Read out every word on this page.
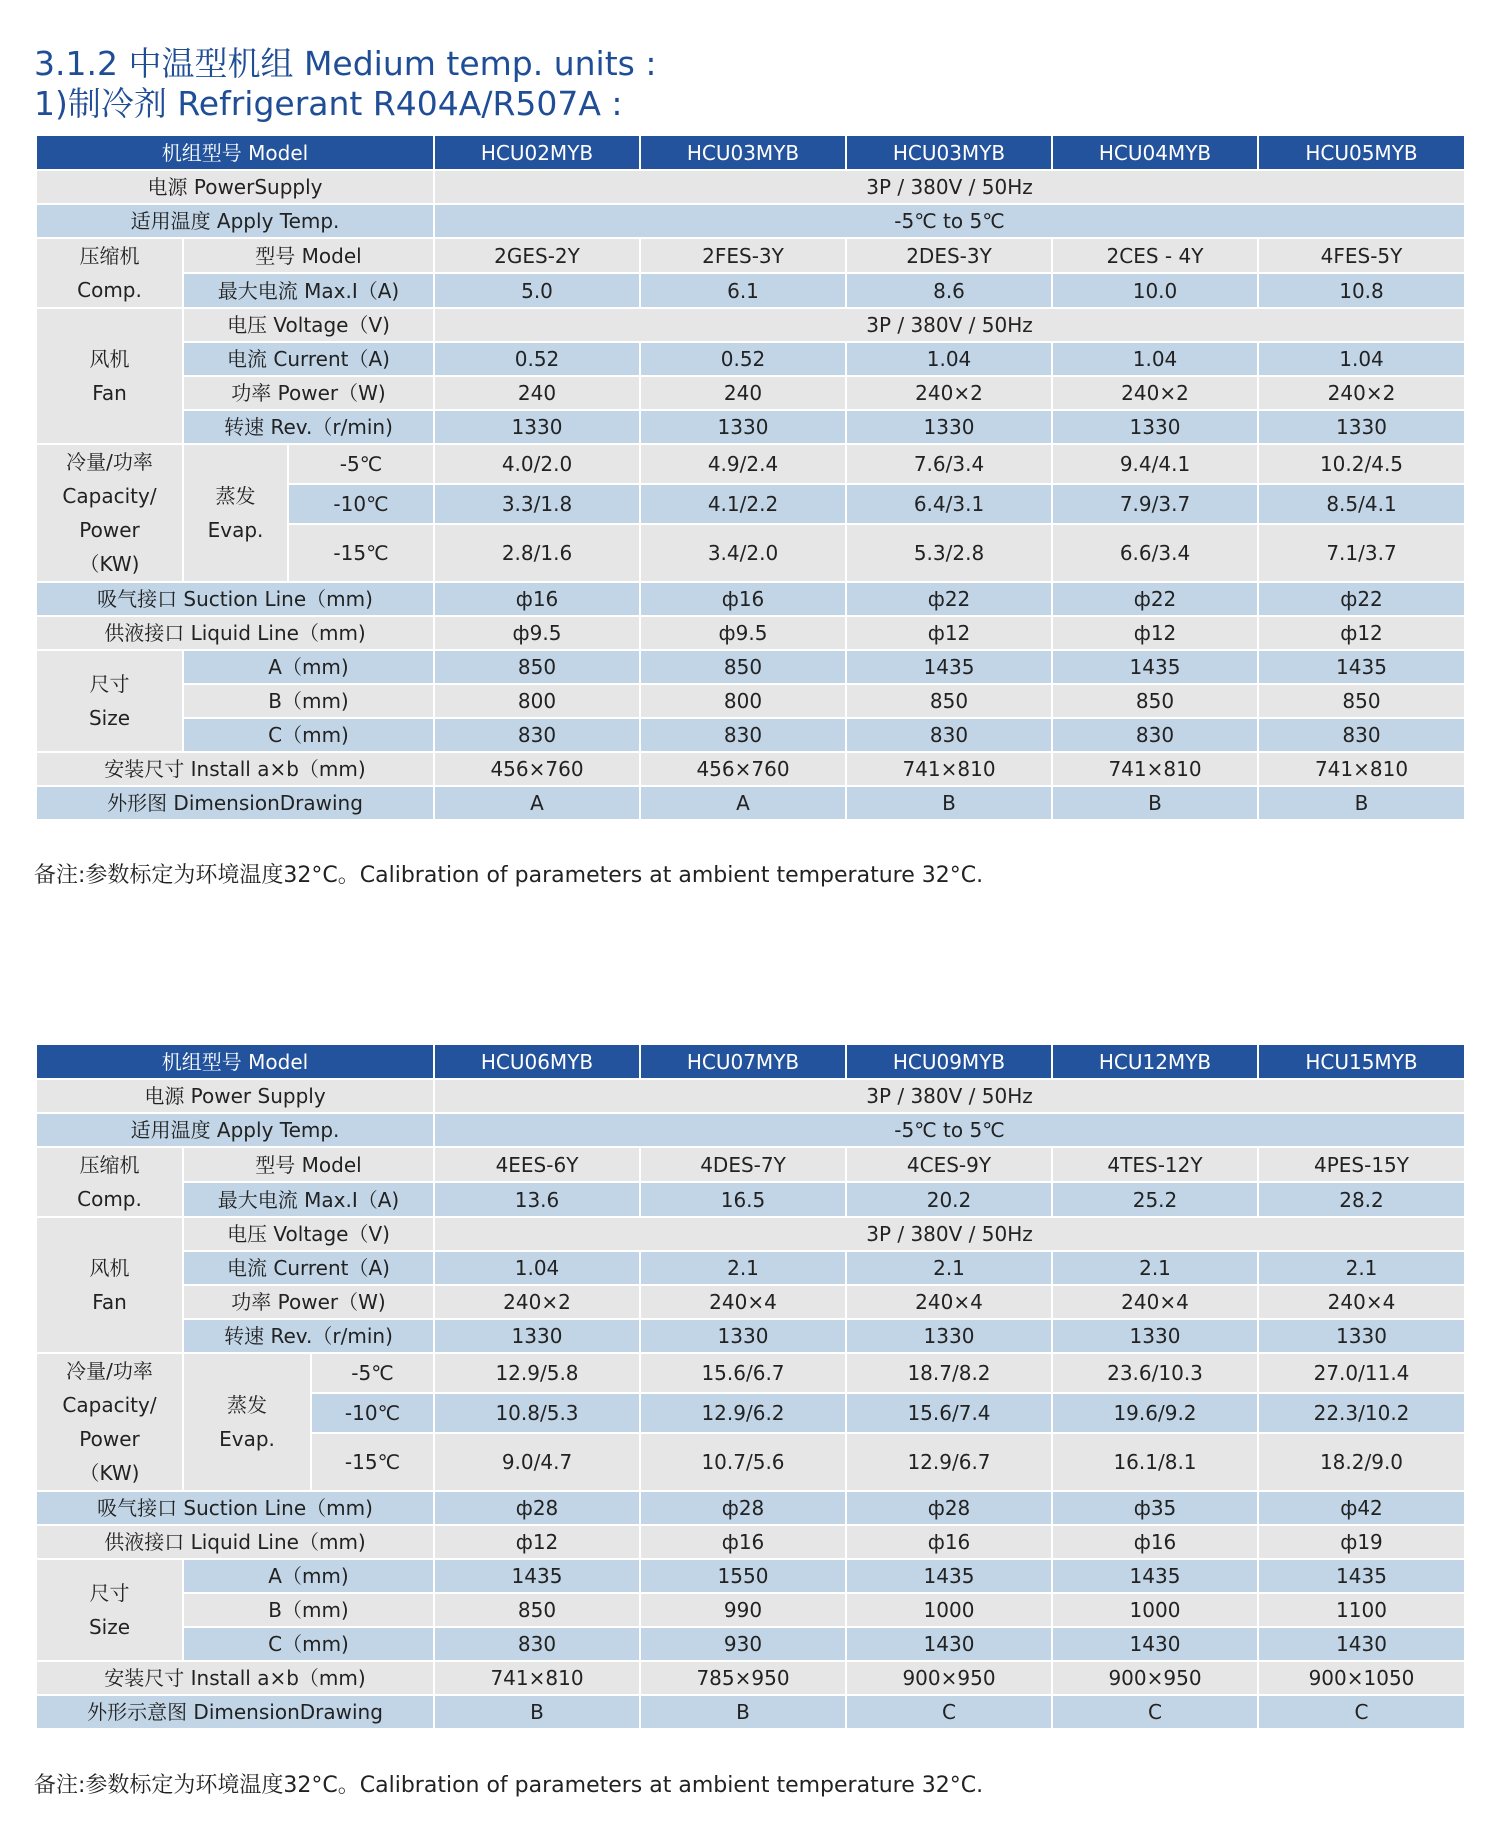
3.1.2 中温型机组 Medium temp. units :
1)制冷剂 Refrigerant R404A/R507A :
机组型号 Model			HCU02MYB	HCU03MYB	HCU03MYB	HCU04MYB	HCU05MYB
电源 PowerSupply			3P / 380V / 50Hz				
适用温度 Apply Temp.			-5℃ to 5℃				
压缩机
Comp.	型号 Model		2GES-2Y	2FES-3Y	2DES-3Y	2CES - 4Y	4FES-5Y
	最大电流 Max.I（A)		5.0	6.1	8.6	10.0	10.8
风机
Fan	电压 Voltage（V)		3P / 380V / 50Hz				
	电流 Current（A)		0.52	0.52	1.04	1.04	1.04
	功率 Power（W)		240	240	240×2	240×2	240×2
	转速 Rev.（r/min)		1330	1330	1330	1330	1330
冷量/功率
Capacity/
Power
（KW)	蒸发
Evap.	-5℃	4.0/2.0	4.9/2.4	7.6/3.4	9.4/4.1	10.2/4.5
		-10℃	3.3/1.8	4.1/2.2	6.4/3.1	7.9/3.7	8.5/4.1
		-15℃	2.8/1.6	3.4/2.0	5.3/2.8	6.6/3.4	7.1/3.7
吸气接口 Suction Line（mm)			ф16	ф16	ф22	ф22	ф22
供液接口 Liquid Line（mm)			ф9.5	ф9.5	ф12	ф12	ф12
尺寸
Size	A（mm)		850	850	1435	1435	1435
	B（mm)		800	800	850	850	850
	C（mm)		830	830	830	830	830
安装尺寸 Install a×b（mm)			456×760	456×760	741×810	741×810	741×810
外形图 DimensionDrawing			A	A	B	B	B

备注:参数标定为环境温度32°C。Calibration of parameters at ambient temperature 32°C.

机组型号 Model			HCU06MYB	HCU07MYB	HCU09MYB	HCU12MYB	HCU15MYB
电源 Power Supply			3P / 380V / 50Hz				
适用温度 Apply Temp.			-5℃ to 5℃				
压缩机
Comp.	型号 Model		4EES-6Y	4DES-7Y	4CES-9Y	4TES-12Y	4PES-15Y
	最大电流 Max.I（A)		13.6	16.5	20.2	25.2	28.2
风机
Fan	电压 Voltage（V)		3P / 380V / 50Hz				
	电流 Current（A)		1.04	2.1	2.1	2.1	2.1
	功率 Power（W)		240×2	240×4	240×4	240×4	240×4
	转速 Rev.（r/min)		1330	1330	1330	1330	1330
冷量/功率
Capacity/
Power
（KW)	蒸发
Evap.	-5℃	12.9/5.8	15.6/6.7	18.7/8.2	23.6/10.3	27.0/11.4
		-10℃	10.8/5.3	12.9/6.2	15.6/7.4	19.6/9.2	22.3/10.2
		-15℃	9.0/4.7	10.7/5.6	12.9/6.7	16.1/8.1	18.2/9.0
吸气接口 Suction Line（mm)			ф28	ф28	ф28	ф35	ф42
供液接口 Liquid Line（mm)			ф12	ф16	ф16	ф16	ф19
尺寸
Size	A（mm)		1435	1550	1435	1435	1435
	B（mm)		850	990	1000	1000	1100
	C（mm)		830	930	1430	1430	1430
安装尺寸 Install a×b（mm)			741×810	785×950	900×950	900×950	900×1050
外形示意图 DimensionDrawing			B	B	C	C	C

备注:参数标定为环境温度32°C。Calibration of parameters at ambient temperature 32°C.
